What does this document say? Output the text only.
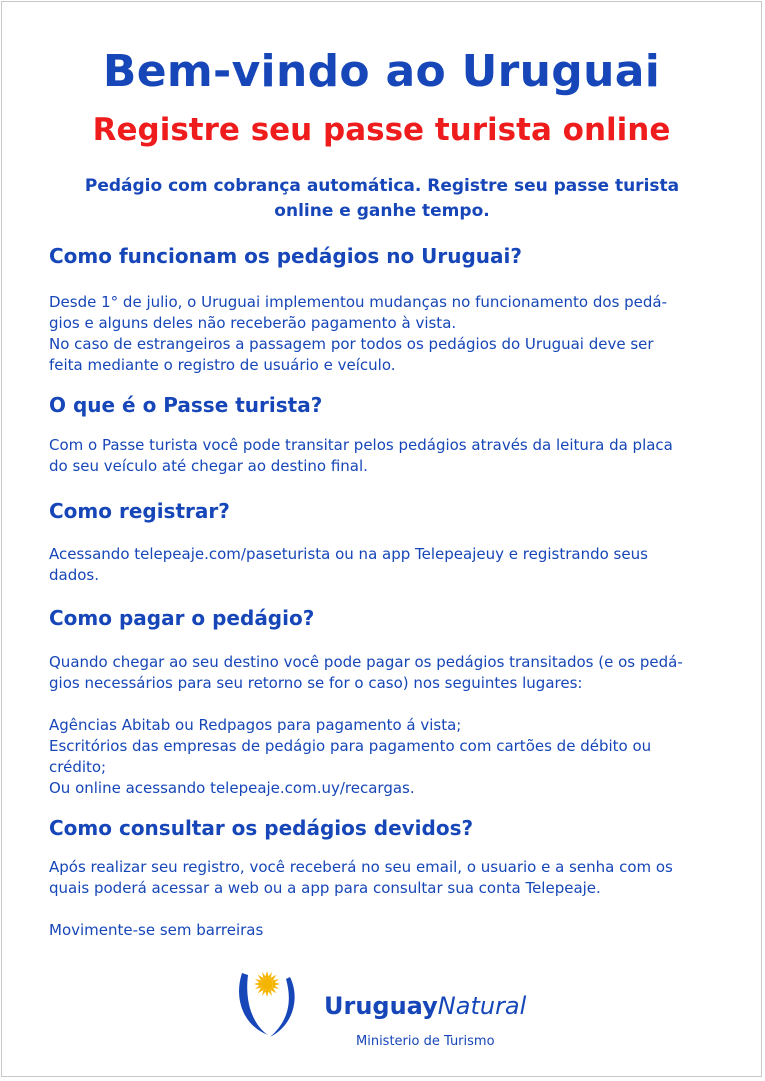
Bem-vindo ao Uruguai
Registre seu passe turista online
Pedágio com cobrança automática. Registre seu passe turista
online e ganhe tempo.
Como funcionam os pedágios no Uruguai?
Desde 1° de julio, o Uruguai implementou mudanças no funcionamento dos pedá-
gios e alguns deles não receberão pagamento à vista.
No caso de estrangeiros a passagem por todos os pedágios do Uruguai deve ser
feita mediante o registro de usuário e veículo.
O que é o Passe turista?
Com o Passe turista você pode transitar pelos pedágios através da leitura da placa
do seu veículo até chegar ao destino final.
Como registrar?
Acessando telepeaje.com/paseturista ou na app Telepeajeuy e registrando seus
dados.
Como pagar o pedágio?
Quando chegar ao seu destino você pode pagar os pedágios transitados (e os pedá-
gios necessários para seu retorno se for o caso) nos seguintes lugares:

Agências Abitab ou Redpagos para pagamento á vista;
Escritórios das empresas de pedágio para pagamento com cartões de débito ou
crédito;
Ou online acessando telepeaje.com.uy/recargas.
Como consultar os pedágios devidos?
Após realizar seu registro, você receberá no seu email, o usuario e a senha com os
quais poderá acessar a web ou a app para consultar sua conta Telepeaje.

Movimente-se sem barreiras
UruguayNatural
Ministerio de Turismo
